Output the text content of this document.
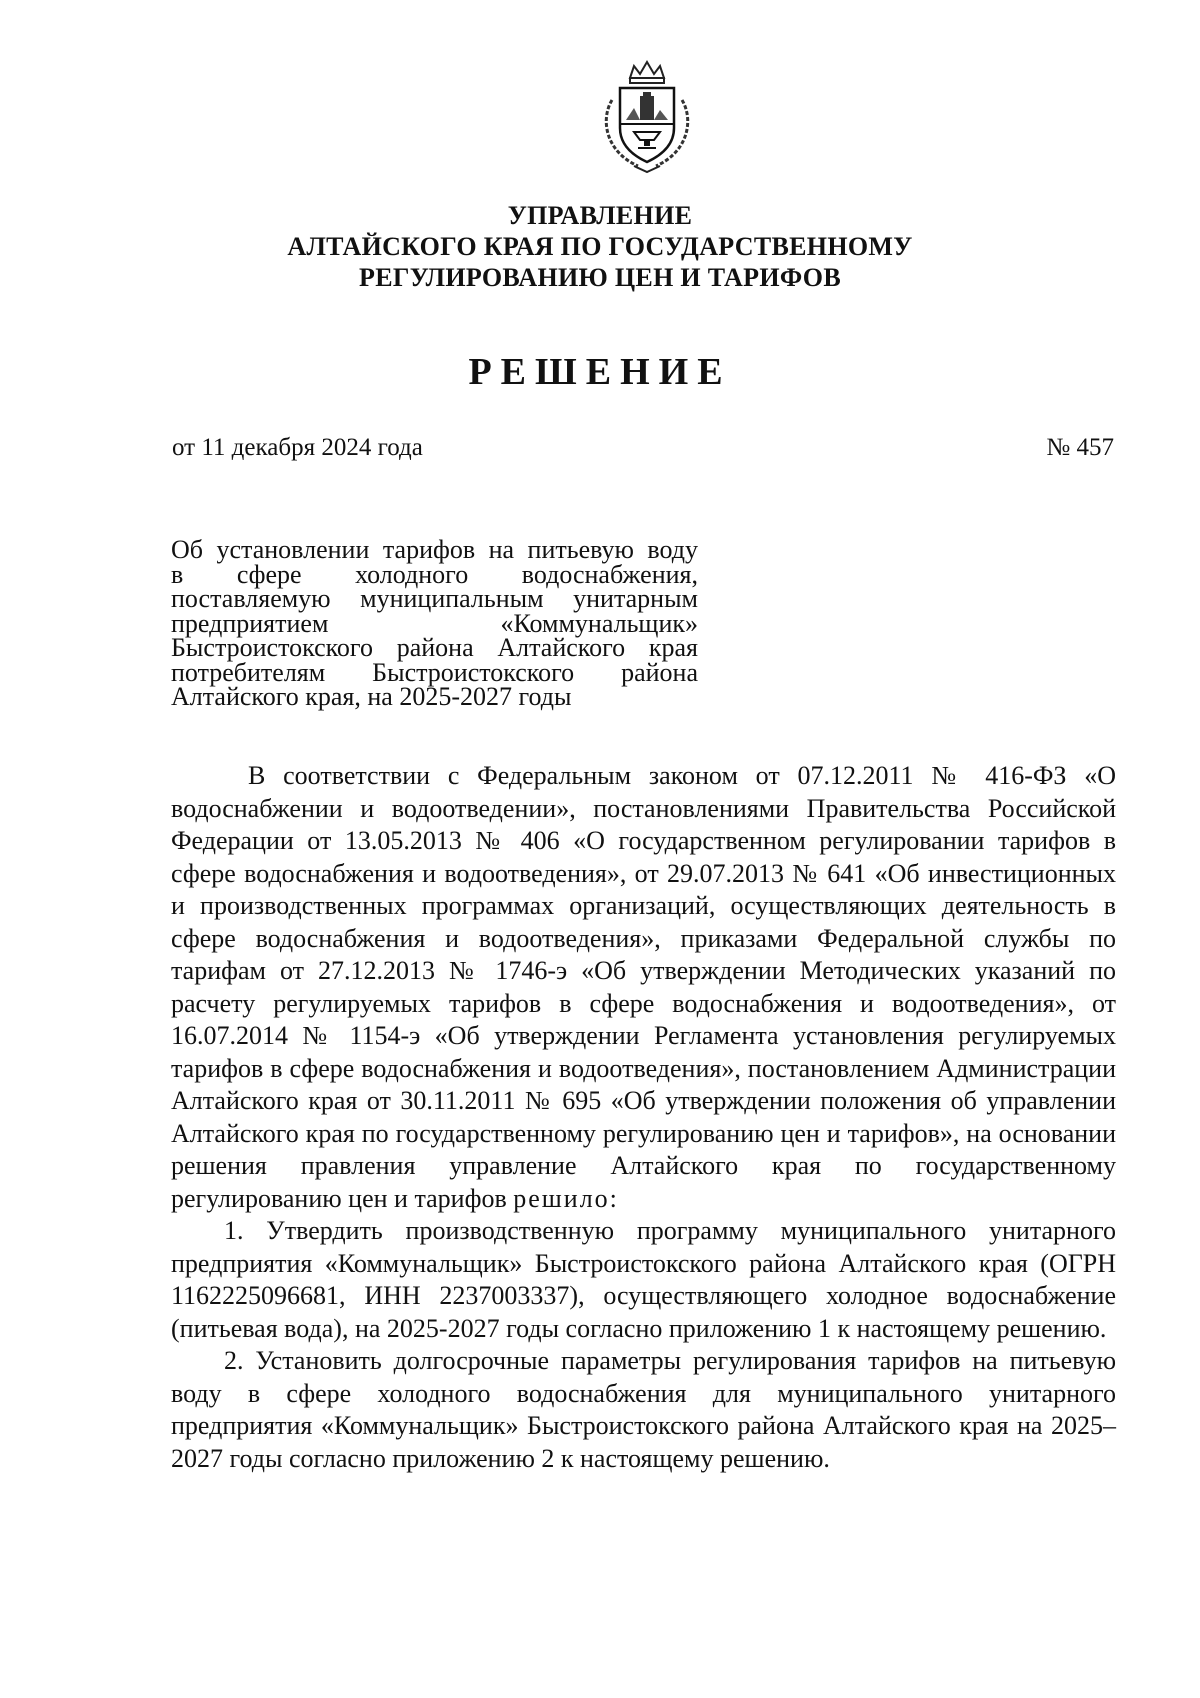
УПРАВЛЕНИЕ
АЛТАЙСКОГО КРАЯ ПО ГОСУДАРСТВЕННОМУ
РЕГУЛИРОВАНИЮ ЦЕН И ТАРИФОВ
РЕШЕНИЕ
от 11 декабря 2024 года	№ 457
Об установлении тарифов на питьевую воду
в сфере холодного водоснабжения,
поставляемую муниципальным унитарным
предприятием «Коммунальщик»
Быстроистокского района Алтайского края
потребителям Быстроистокского района
Алтайского края, на 2025-2027 годы

В соответствии с Федеральным законом от 07.12.2011 № 416-ФЗ «О водоснабжении и водоотведении», постановлениями Правительства Российской Федерации от 13.05.2013 № 406 «О государственном регулировании тарифов в сфере водоснабжения и водоотведения», от 29.07.2013 № 641 «Об инвестиционных и производственных программах организаций, осуществляющих деятельность в сфере водоснабжения и водоотведения», приказами Федеральной службы по тарифам от 27.12.2013 № 1746-э «Об утверждении Методических указаний по расчету регулируемых тарифов в сфере водоснабжения и водоотведения», от 16.07.2014 № 1154-э «Об утверждении Регламента установления регулируемых тарифов в сфере водоснабжения и водоотведения», постановлением Администрации Алтайского края от 30.11.2011 № 695 «Об утверждении положения об управлении Алтайского края по государственному регулированию цен и тарифов», на основании решения правления управление Алтайского края по государственному регулированию цен и тарифов решило:

1. Утвердить производственную программу муниципального унитарного предприятия «Коммунальщик» Быстроистокского района Алтайского края (ОГРН 1162225096681, ИНН 2237003337), осуществляющего холодное водоснабжение (питьевая вода), на 2025-2027 годы согласно приложению 1 к настоящему решению.

2. Установить долгосрочные параметры регулирования тарифов на питьевую воду в сфере холодного водоснабжения для муниципального унитарного предприятия «Коммунальщик» Быстроистокского района Алтайского края на 2025–2027 годы согласно приложению 2 к настоящему решению.
